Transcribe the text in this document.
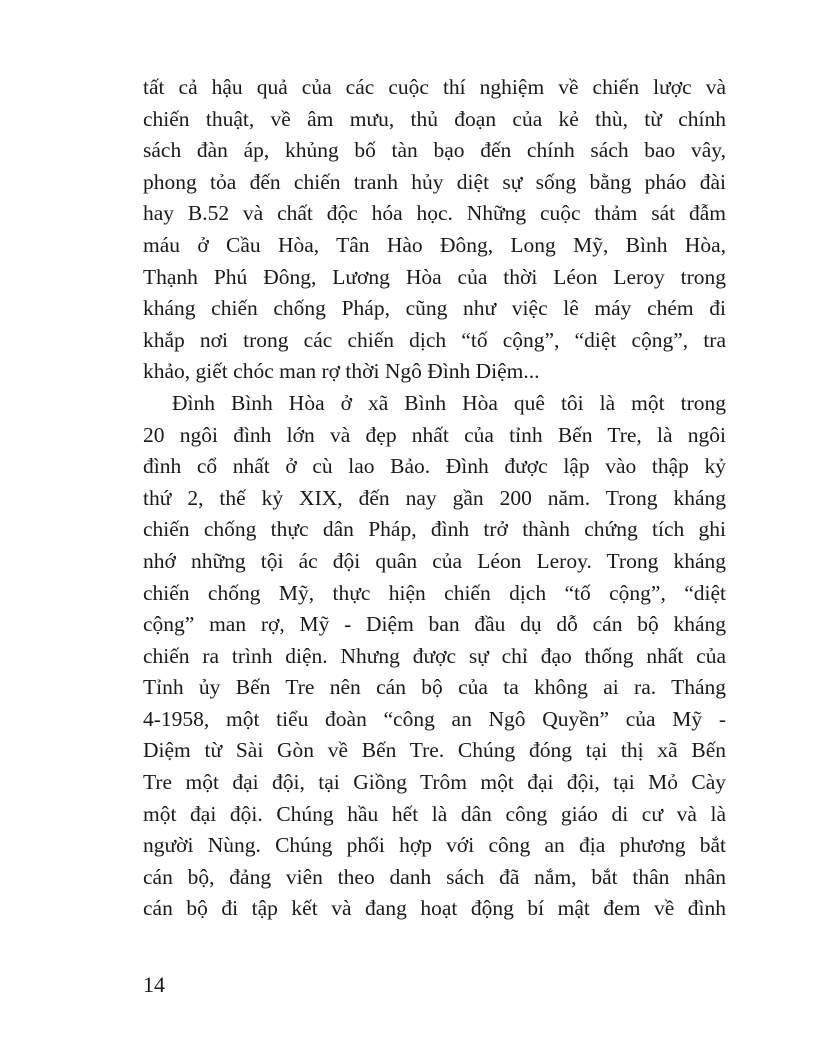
tất cả hậu quả của các cuộc thí nghiệm về chiến lược và
chiến thuật, về âm mưu, thủ đoạn của kẻ thù, từ chính
sách đàn áp, khủng bố tàn bạo đến chính sách bao vây,
phong tỏa đến chiến tranh hủy diệt sự sống bằng pháo đài
hay B.52 và chất độc hóa học. Những cuộc thảm sát đẫm
máu ở Cầu Hòa, Tân Hào Đông, Long Mỹ, Bình Hòa,
Thạnh Phú Đông, Lương Hòa của thời Léon Leroy trong
kháng chiến chống Pháp, cũng như việc lê máy chém đi
khắp nơi trong các chiến dịch “tố cộng”, “diệt cộng”, tra
khảo, giết chóc man rợ thời Ngô Đình Diệm...
Đình Bình Hòa ở xã Bình Hòa quê tôi là một trong
20 ngôi đình lớn và đẹp nhất của tỉnh Bến Tre, là ngôi
đình cổ nhất ở cù lao Bảo. Đình được lập vào thập kỷ
thứ 2, thế kỷ XIX, đến nay gần 200 năm. Trong kháng
chiến chống thực dân Pháp, đình trở thành chứng tích ghi
nhớ những tội ác đội quân của Léon Leroy. Trong kháng
chiến chống Mỹ, thực hiện chiến dịch “tố cộng”, “diệt
cộng” man rợ, Mỹ - Diệm ban đầu dụ dỗ cán bộ kháng
chiến ra trình diện. Nhưng được sự chỉ đạo thống nhất của
Tỉnh ủy Bến Tre nên cán bộ của ta không ai ra. Tháng
4-1958, một tiểu đoàn “công an Ngô Quyền” của Mỹ -
Diệm từ Sài Gòn về Bến Tre. Chúng đóng tại thị xã Bến
Tre một đại đội, tại Giồng Trôm một đại đội, tại Mỏ Cày
một đại đội. Chúng hầu hết là dân công giáo di cư và là
người Nùng. Chúng phối hợp với công an địa phương bắt
cán bộ, đảng viên theo danh sách đã nắm, bắt thân nhân
cán bộ đi tập kết và đang hoạt động bí mật đem về đình
14
